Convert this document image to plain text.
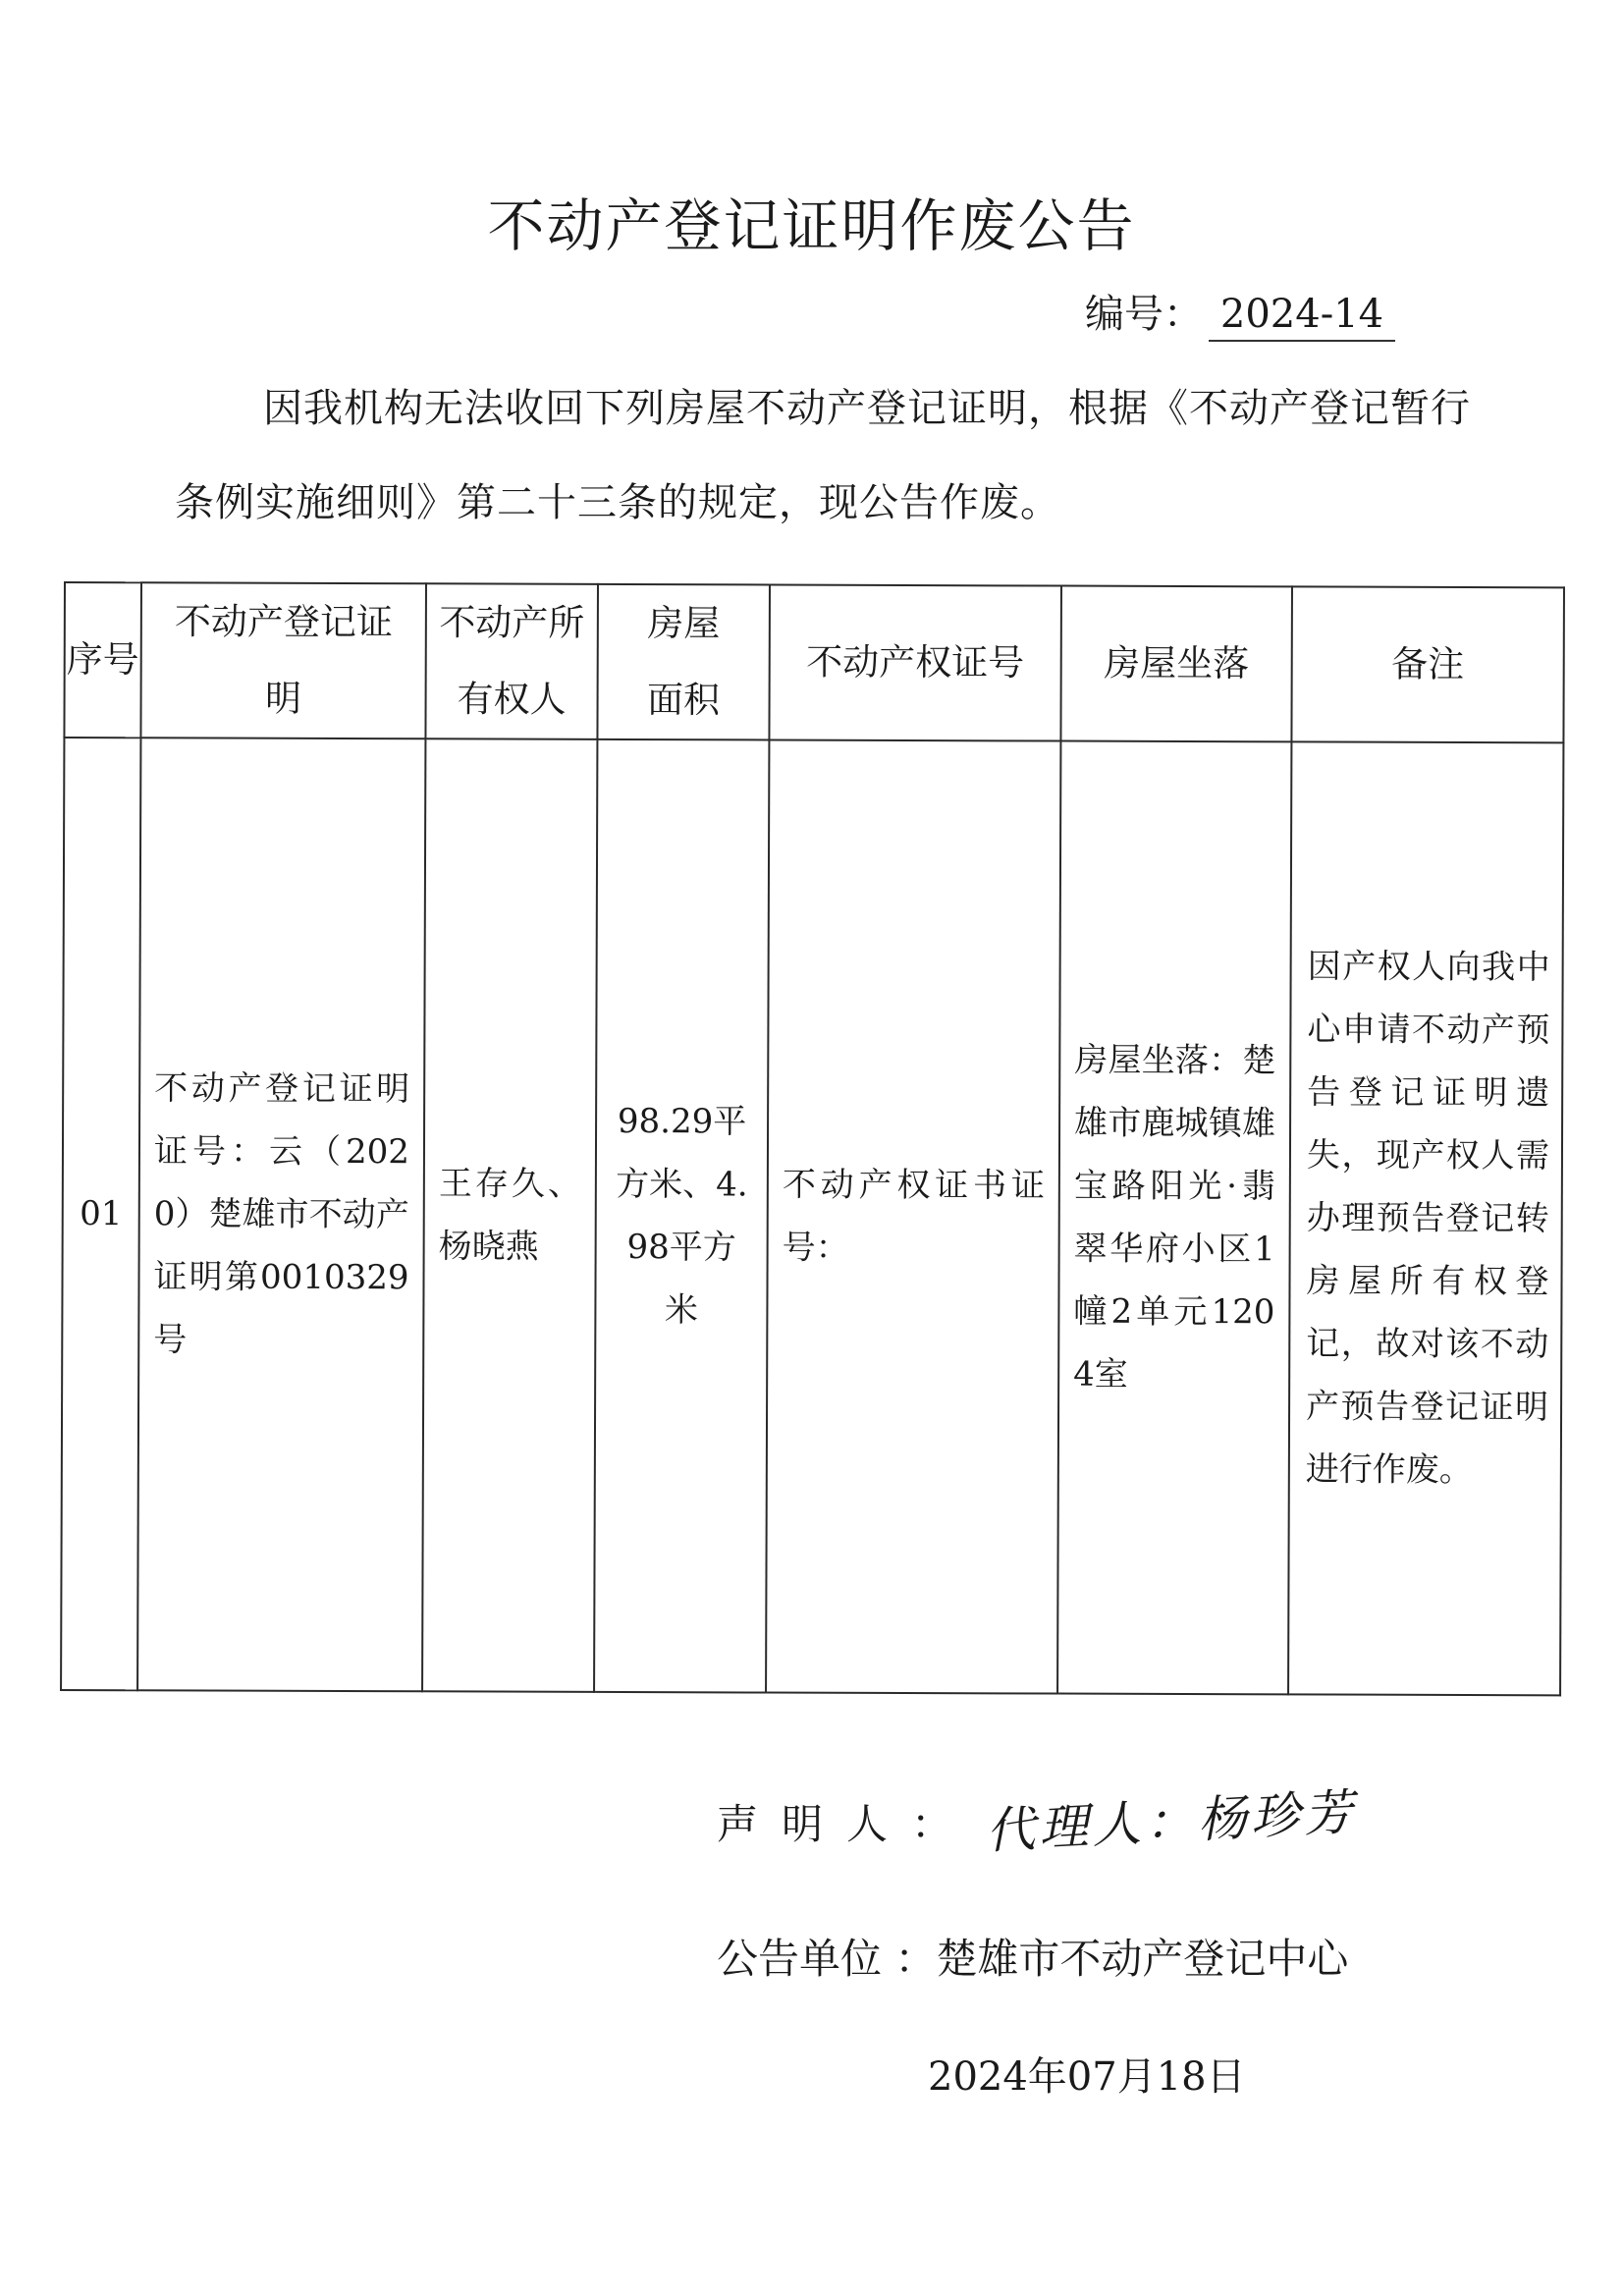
不动产登记证明作废公告
编号： 2024-14
因我机构无法收回下列房屋不动产登记证明，根据《不动产登记暂行条例实施细则》第二十三条的规定，现公告作废。
序号	不动产登记证明	不动产所有权人	房屋面积	不动产权证号	房屋坐落	备注

01	不动产登记证明证号：云（2020）楚雄市不动产证明第0010329号	王存久、杨晓燕	98.29平方米、4.98平方米	不动产权证书证号：	房屋坐落：楚雄市鹿城镇雄宝路阳光·翡翠华府小区1幢2单元1204室	因产权人向我中心申请不动产预告登记证明遗失，现产权人需办理预告登记转房屋所有权登记，故对该不动产预告登记证明进行作废。
声明人： 代理人：杨珍芳
公告单位 ：楚雄市不动产登记中心
2024年07月18日
